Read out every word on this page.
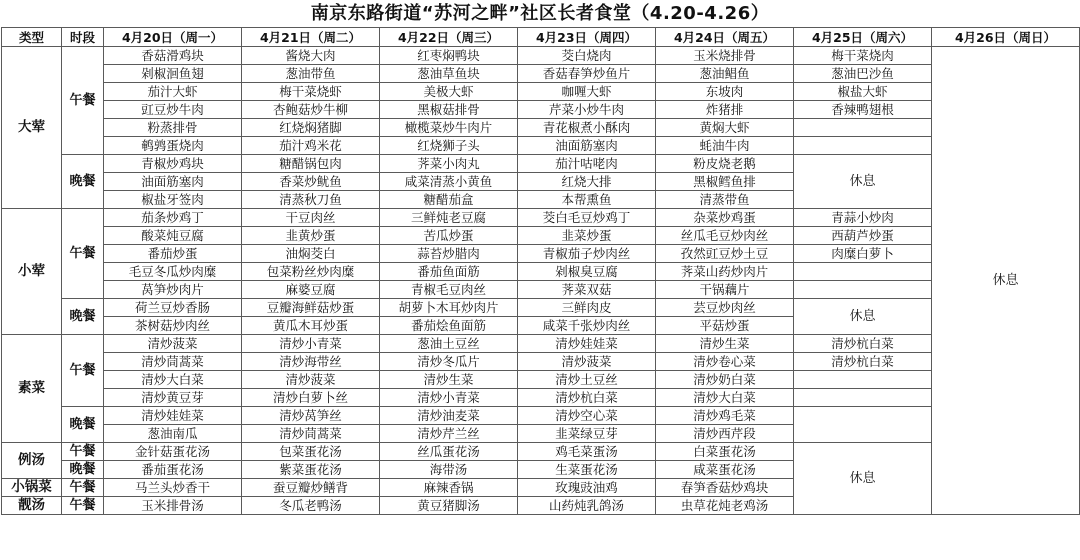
南京东路街道“苏河之畔”社区长者食堂（4.20-4.26）
类型	时段	4月20日（周一）	4月21日（周二）	4月22日（周三）	4月23日（周四）	4月24日（周五）	4月25日（周六）	4月26日（周日）
大荤	午餐	香菇滑鸡块	酱烧大肉	红枣焖鸭块	茭白烧肉	玉米烧排骨	梅干菜烧肉	休息
		剁椒洄鱼翅	葱油带鱼	葱油草鱼块	香菇春笋炒鱼片	葱油鲳鱼	葱油巴沙鱼	
		茄汁大虾	梅干菜烧虾	美极大虾	咖喱大虾	东坡肉	椒盐大虾	
		豇豆炒牛肉	杏鲍菇炒牛柳	黑椒菇排骨	芹菜小炒牛肉	炸猪排	香辣鸭翅根	
		粉蒸排骨	红烧焖猪脚	橄榄菜炒牛肉片	青花椒煮小酥肉	黄焖大虾		
		鹌鹑蛋烧肉	茄汁鸡米花	红烧狮子头	油面筋塞肉	蚝油牛肉		
	晚餐	青椒炒鸡块	糖醋锅包肉	荠菜小肉丸	茄汁咕咾肉	粉皮烧老鹅	休息	
		油面筋塞肉	香菜炒鱿鱼	咸菜清蒸小黄鱼	红烧大排	黑椒鳕鱼排		
		椒盐牙签肉	清蒸秋刀鱼	糖醋茄盒	本帮熏鱼	清蒸带鱼		
小荤	午餐	茄条炒鸡丁	干豆肉丝	三鲜炖老豆腐	茭白毛豆炒鸡丁	杂菜炒鸡蛋	青蒜小炒肉	
		酸菜炖豆腐	韭黄炒蛋	苦瓜炒蛋	韭菜炒蛋	丝瓜毛豆炒肉丝	西葫芦炒蛋	
		番茄炒蛋	油焖茭白	蒜苔炒腊肉	青椒茄子炒肉丝	孜然豇豆炒土豆	肉糜白萝卜	
		毛豆冬瓜炒肉糜	包菜粉丝炒肉糜	番茄鱼面筋	剁椒臭豆腐	荠菜山药炒肉片		
		莴笋炒肉片	麻婆豆腐	青椒毛豆肉丝	荠菜双菇	干锅藕片		
	晚餐	荷兰豆炒香肠	豆瓣海鲜菇炒蛋	胡萝卜木耳炒肉片	三鲜肉皮	芸豆炒肉丝	休息	
		茶树菇炒肉丝	黄瓜木耳炒蛋	番茄烩鱼面筋	咸菜千张炒肉丝	平菇炒蛋		
素菜	午餐	清炒菠菜	清炒小青菜	葱油土豆丝	清炒娃娃菜	清炒生菜	清炒杭白菜	
		清炒茼蒿菜	清炒海带丝	清炒冬瓜片	清炒菠菜	清炒卷心菜	清炒杭白菜	
		清炒大白菜	清炒菠菜	清炒生菜	清炒土豆丝	清炒奶白菜		
		清炒黄豆芽	清炒白萝卜丝	清炒小青菜	清炒杭白菜	清炒大白菜		
	晚餐	清炒娃娃菜	清炒莴笋丝	清炒油麦菜	清炒空心菜	清炒鸡毛菜		
		葱油南瓜	清炒茼蒿菜	清炒芹兰丝	韭菜绿豆芽	清炒西芹段		
例汤	午餐	金针菇蛋花汤	包菜蛋花汤	丝瓜蛋花汤	鸡毛菜蛋汤	白菜蛋花汤	休息	
	晚餐	番茄蛋花汤	紫菜蛋花汤	海带汤	生菜蛋花汤	咸菜蛋花汤		
小锅菜	午餐	马兰头炒香干	蚕豆瓣炒鳝背	麻辣香锅	玫瑰豉油鸡	春笋香菇炒鸡块		
靓汤	午餐	玉米排骨汤	冬瓜老鸭汤	黄豆猪脚汤	山药炖乳鸽汤	虫草花炖老鸡汤		
